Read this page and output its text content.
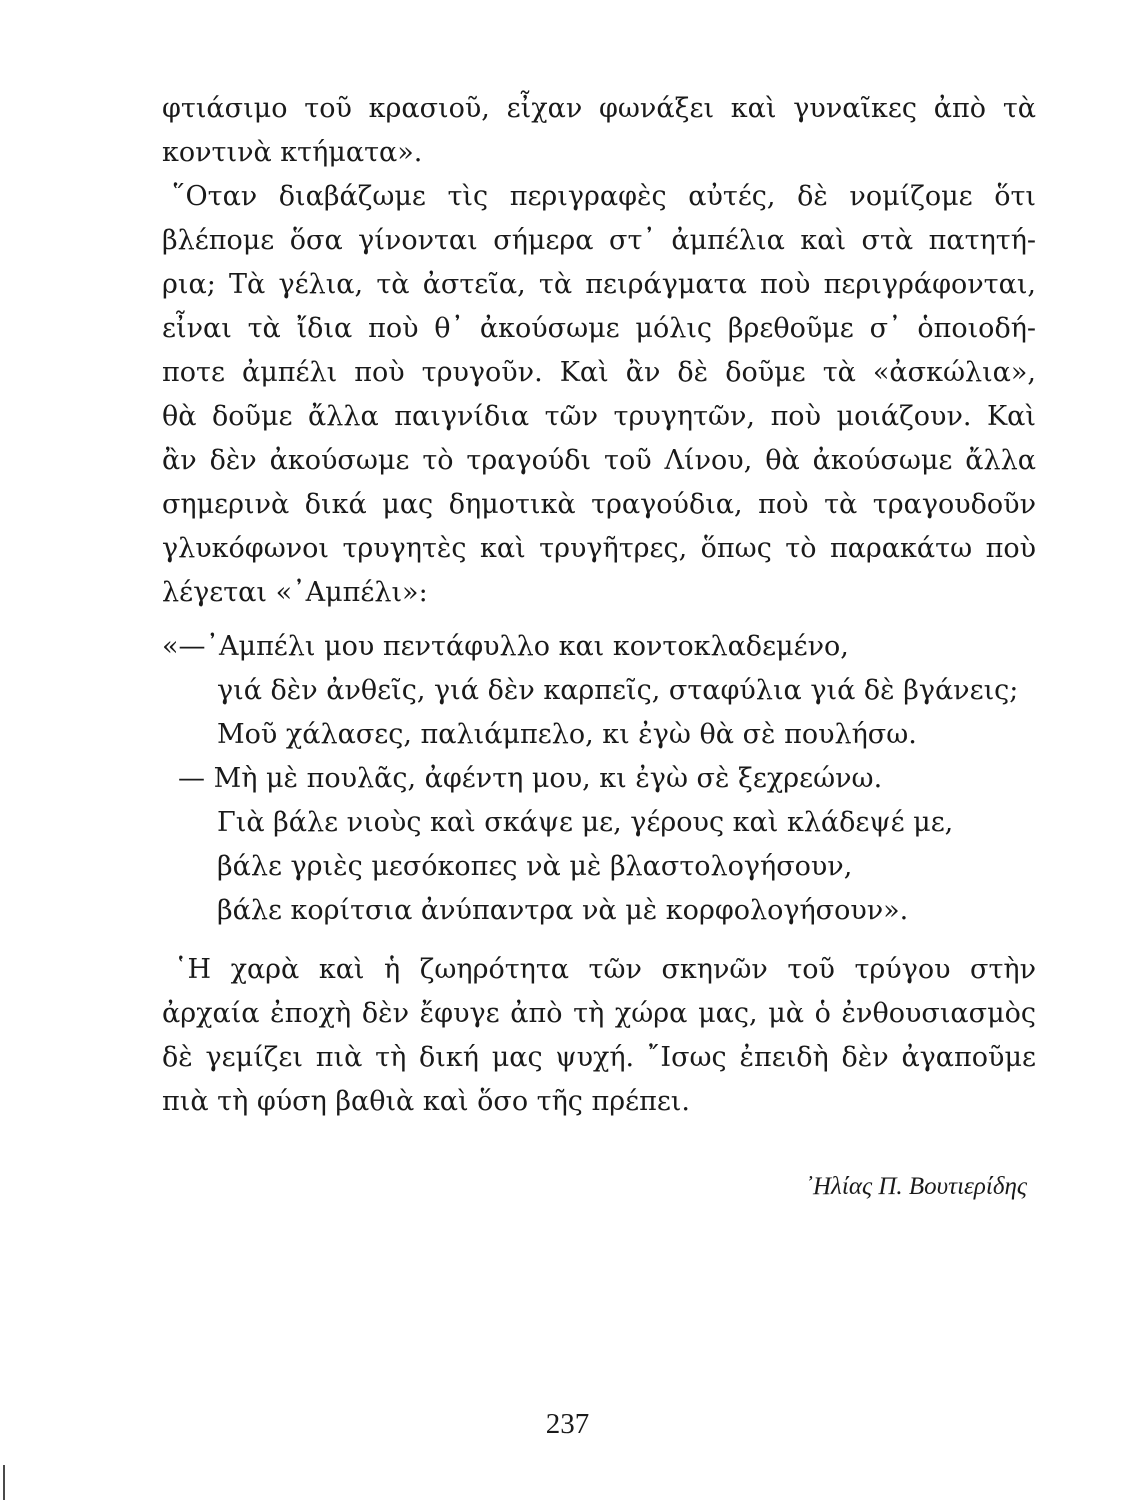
φτιάσιμο τοῦ κρασιοῦ, εἶχαν φωνάξει καὶ γυναῖκες ἀπὸ τὰ
κοντινὰ κτήματα».
῞Οταν διαβάζωμε τὶς περιγραφὲς αὐτές, δὲ νομίζομε ὅτι
βλέπομε ὅσα γίνονται σήμερα στ᾽ ἀμπέλια καὶ στὰ πατητή-
ρια; Τὰ γέλια, τὰ ἀστεῖα, τὰ πειράγματα ποὺ περιγράφονται,
εἶναι τὰ ἴδια ποὺ θ᾽ ἀκούσωμε μόλις βρεθοῦμε σ᾽ ὁποιοδή-
ποτε ἀμπέλι ποὺ τρυγοῦν. Καὶ ἂν δὲ δοῦμε τὰ «ἀσκώλια»,
θὰ δοῦμε ἄλλα παιγνίδια τῶν τρυγητῶν, ποὺ μοιάζουν. Καὶ
ἂν δὲν ἀκούσωμε τὸ τραγούδι τοῦ Λίνου, θὰ ἀκούσωμε ἄλλα
σημερινὰ δικά μας δημοτικὰ τραγούδια, ποὺ τὰ τραγουδοῦν
γλυκόφωνοι τρυγητὲς καὶ τρυγῆτρες, ὅπως τὸ παρακάτω ποὺ
λέγεται «᾽Αμπέλι»:
«—᾽Αμπέλι μου πεντάφυλλο και κοντοκλαδεμένο,
γιά δὲν ἀνθεῖς, γιά δὲν καρπεῖς, σταφύλια γιά δὲ βγάνεις;
Μοῦ χάλασες, παλιάμπελο, κι ἐγὼ θὰ σὲ πουλήσω.
— Μὴ μὲ πουλᾶς, ἀφέντη μου, κι ἐγὼ σὲ ξεχρεώνω.
Γιὰ βάλε νιοὺς καὶ σκάψε με, γέρους καὶ κλάδεψέ με,
βάλε γριὲς μεσόκοπες νὰ μὲ βλαστολογήσουν,
βάλε κορίτσια ἀνύπαντρα νὰ μὲ κορφολογήσουν».
῾Η χαρὰ καὶ ἡ ζωηρότητα τῶν σκηνῶν τοῦ τρύγου στὴν
ἀρχαία ἐποχὴ δὲν ἔφυγε ἀπὸ τὴ χώρα μας, μὰ ὁ ἐνθουσιασμὸς
δὲ γεμίζει πιὰ τὴ δική μας ψυχή. ῎Ισως ἐπειδὴ δὲν ἀγαποῦμε
πιὰ τὴ φύση βαθιὰ καὶ ὅσο τῆς πρέπει.
᾽Ηλίας Π. Βουτιερίδης
237
